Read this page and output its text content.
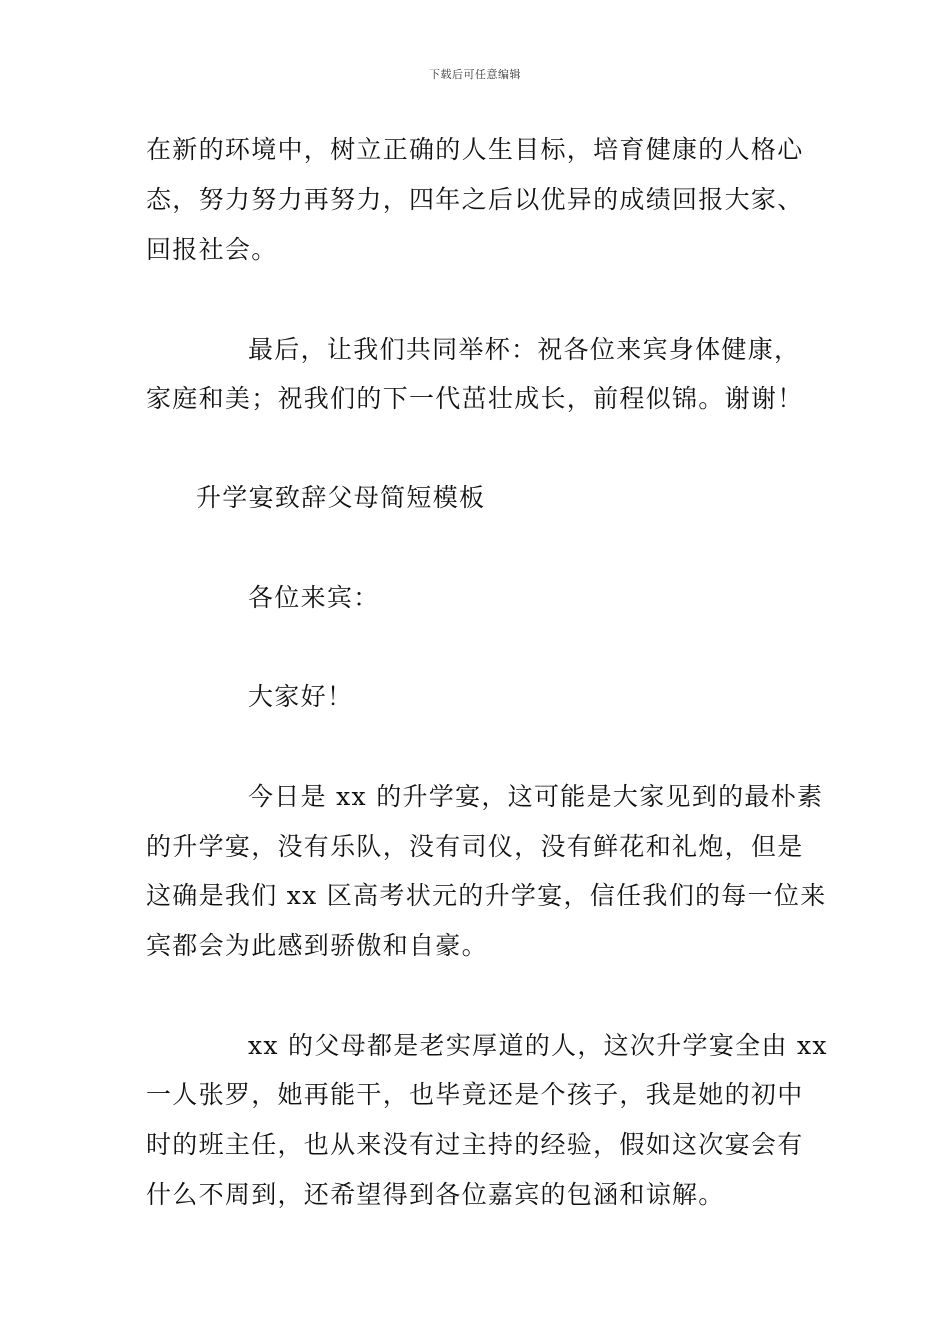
下载后可任意编辑
在新的环境中，树立正确的人生目标，培育健康的人格心
态，努力努力再努力，四年之后以优异的成绩回报大家、
回报社会。
最后，让我们共同举杯：祝各位来宾身体健康，
家庭和美；祝我们的下一代茁壮成长，前程似锦。谢谢！
升学宴致辞父母简短模板
各位来宾：
大家好！
今日是 xx 的升学宴，这可能是大家见到的最朴素
的升学宴，没有乐队，没有司仪，没有鲜花和礼炮，但是
这确是我们 xx 区高考状元的升学宴，信任我们的每一位来
宾都会为此感到骄傲和自豪。
xx 的父母都是老实厚道的人，这次升学宴全由 xx
一人张罗，她再能干，也毕竟还是个孩子，我是她的初中
时的班主任，也从来没有过主持的经验，假如这次宴会有
什么不周到，还希望得到各位嘉宾的包涵和谅解。
